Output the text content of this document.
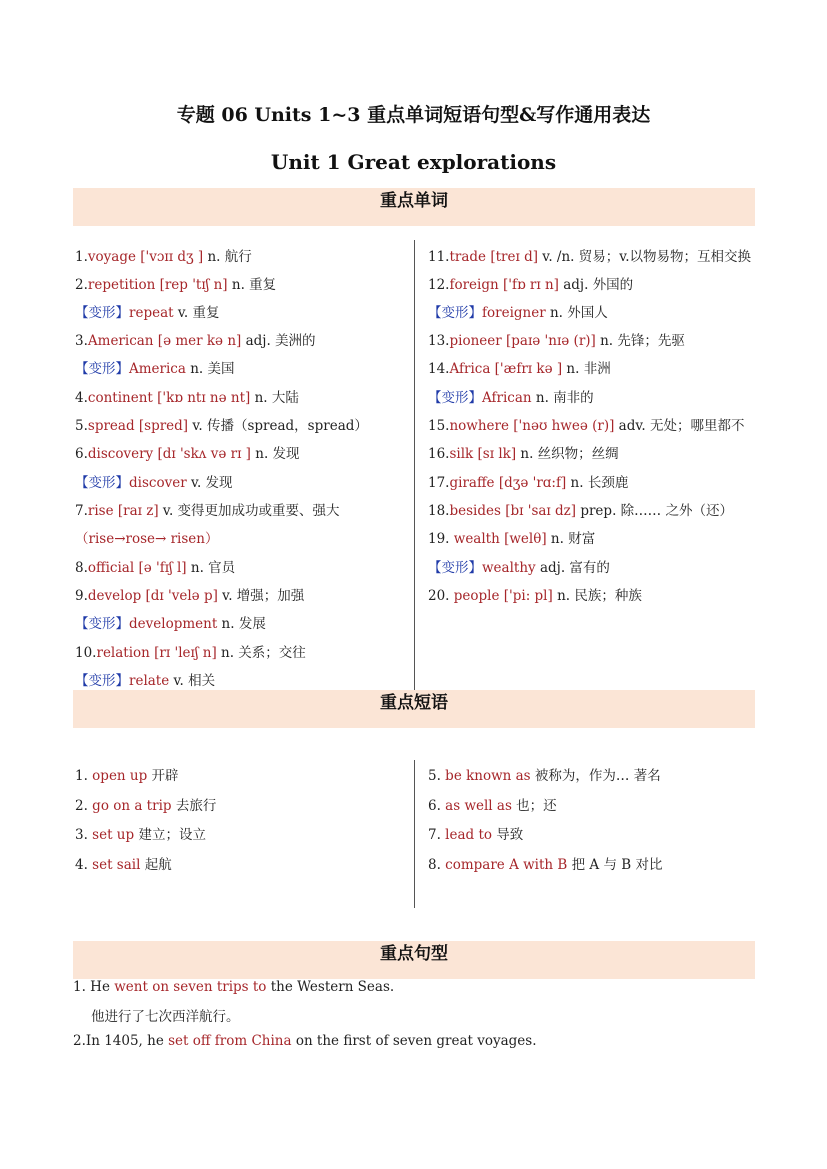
专题 06 Units 1~3 重点单词短语句型&写作通用表达
Unit 1 Great explorations
重点单词
1.voyage ['vɔɪɪ dʒ ] n. 航行
2.repetition [rep 'tɪʃ n] n. 重复
【变形】repeat v. 重复
3.American [ə mer kə n] adj. 美洲的
【变形】America n. 美国
4.continent ['kɒ ntɪ nə nt] n. 大陆
5.spread [spred] v. 传播（spread，spread）
6.discovery [dɪ 'skʌ və rɪ ] n. 发现
【变形】discover v. 发现
7.rise [raɪ z] v. 变得更加成功或重要、强大
（rise→rose→ risen）
8.official [ə 'fɪʃ l] n. 官员
9.develop [dɪ 'velə p] v. 增强；加强
【变形】development n. 发展
10.relation [rɪ 'leɪʃ n] n. 关系；交往
【变形】relate v. 相关
11.trade [treɪ d] v. /n. 贸易；v.以物易物；互相交换
12.foreign ['fɒ rɪ n] adj. 外国的
【变形】foreigner n. 外国人
13.pioneer [paɪə 'nɪə (r)] n. 先锋；先驱
14.Africa ['æfrɪ kə ] n. 非洲
【变形】African n. 南非的
15.nowhere ['nəʊ hweə (r)] adv. 无处；哪里都不
16.silk [sɪ lk] n. 丝织物；丝绸
17.giraffe [dʒə 'rɑ:f] n. 长颈鹿
18.besides [bɪ 'saɪ dz] prep. 除…… 之外（还）
19. wealth [welθ] n. 财富
【变形】wealthy adj. 富有的
20. people ['pi: pl] n. 民族；种族
重点短语
1. open up 开辟
2. go on a trip 去旅行
3. set up 建立；设立
4. set sail 起航
5. be known as 被称为，作为… 著名
6. as well as 也；还
7. lead to 导致
8. compare A with B 把 A 与 B 对比
重点句型
1. He went on seven trips to the Western Seas.
他进行了七次西洋航行。
2.In 1405, he set off from China on the first of seven great voyages.
